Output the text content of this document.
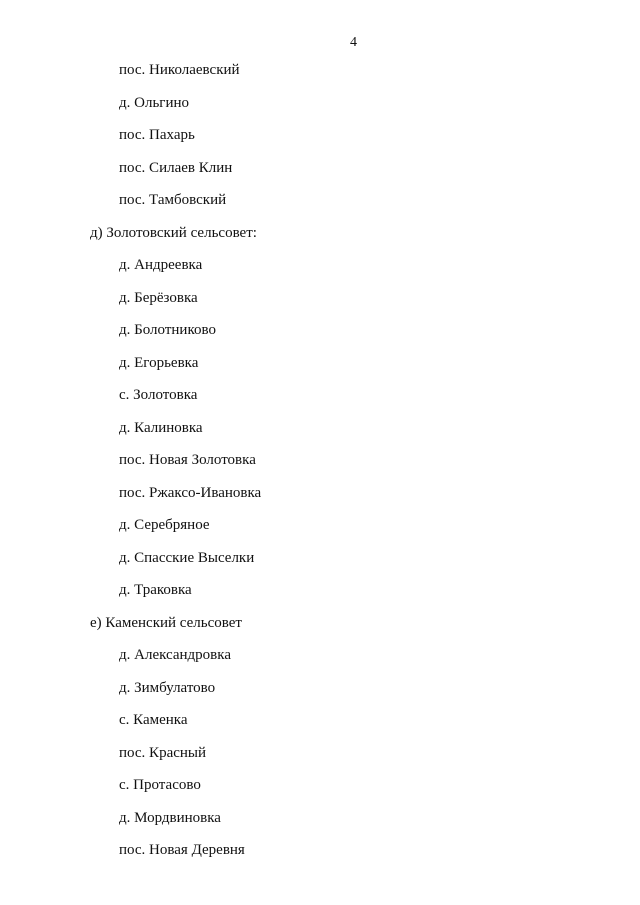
4
пос. Николаевский
д. Ольгино
пос. Пахарь
пос. Силаев Клин
пос. Тамбовский
д) Золотовский сельсовет:
д. Андреевка
д. Берёзовка
д. Болотниково
д. Егорьевка
с. Золотовка
д. Калиновка
пос. Новая Золотовка
пос. Ржаксо-Ивановка
д. Серебряное
д. Спасские Выселки
д. Траковка
е) Каменский сельсовет
д. Александровка
д. Зимбулатово
с. Каменка
пос. Красный
с. Протасово
д. Мордвиновка
пос. Новая Деревня
